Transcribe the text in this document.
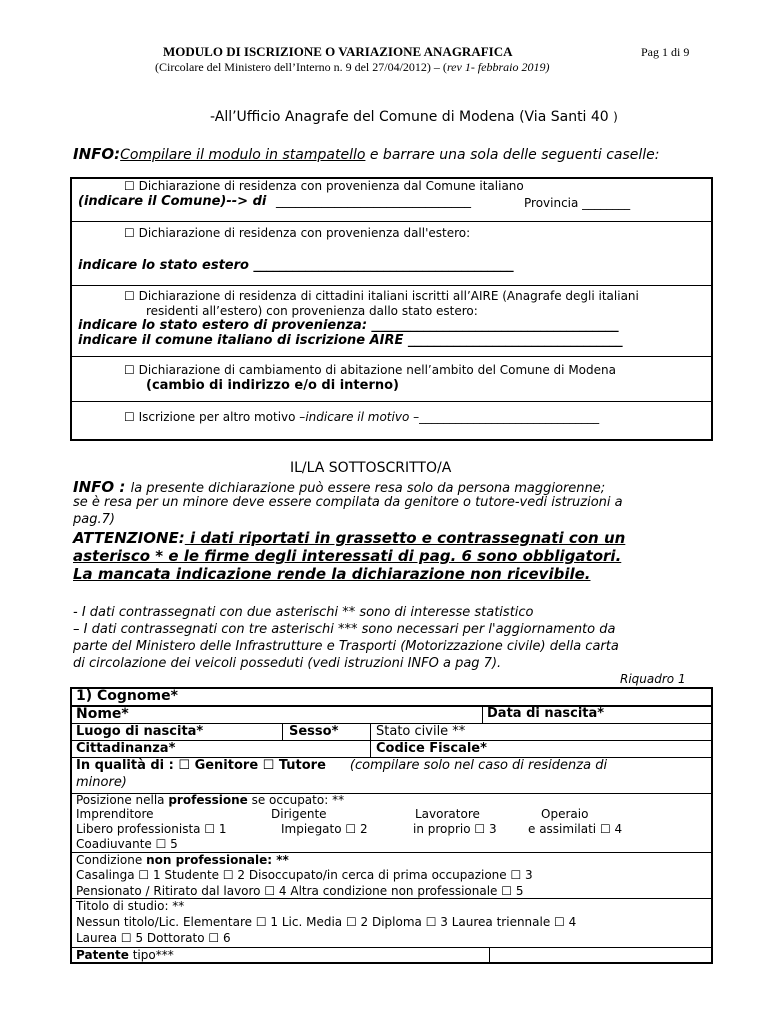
MODULO DI ISCRIZIONE O VARIAZIONE ANAGRAFICA	Pag 1 di 9
(Circolare del Ministero dell’Interno n. 9 del 27/04/2012) – (rev 1- febbraio 2019)
-All’Ufficio Anagrafe del Comune di Modena (Via Santi 40 )
INFO:Compilare il modulo in stampatello e barrare una sola delle seguenti caselle:
☐ Dichiarazione di residenza con provenienza dal Comune italiano
(indicare il Comune)--> di ______________________________	Provincia ________
☐ Dichiarazione di residenza con provenienza dall'estero:
indicare lo stato estero ________________________________________
☐ Dichiarazione di residenza di cittadini italiani iscritti all’AIRE (Anagrafe degli italiani
residenti all’estero) con provenienza dallo stato estero:
indicare lo stato estero di provenienza: ______________________________________
indicare il comune italiano di iscrizione AIRE _________________________________
☐ Dichiarazione di cambiamento di abitazione nell’ambito del Comune di Modena
(cambio di indirizzo e/o di interno)
☐ Iscrizione per altro motivo –indicare il motivo –______________________________
IL/LA SOTTOSCRITTO/A
INFO : la presente dichiarazione può essere resa solo da persona maggiorenne;
se è resa per un minore deve essere compilata da genitore o tutore-vedi istruzioni a
pag.7)
ATTENZIONE: i dati riportati in grassetto e contrassegnati con un
asterisco * e le firme degli interessati di pag. 6 sono obbligatori.
La mancata indicazione rende la dichiarazione non ricevibile.
- I dati contrassegnati con due asterischi ** sono di interesse statistico
– I dati contrassegnati con tre asterischi *** sono necessari per l'aggiornamento da
parte del Ministero delle Infrastrutture e Trasporti (Motorizzazione civile) della carta
di circolazione dei veicoli posseduti (vedi istruzioni INFO a pag 7).
Riquadro 1
1) Cognome*
Nome*	Data di nascita*
Luogo di nascita*	Sesso*	Stato civile **
Cittadinanza*	Codice Fiscale*
In qualità di : ☐ Genitore ☐ Tutore (compilare solo nel caso di residenza di
minore)
Posizione nella professione se occupato: **
Imprenditore	Dirigente	Lavoratore	Operaio
Libero professionista ☐ 1	Impiegato ☐ 2	in proprio ☐ 3	e assimilati ☐ 4
Coadiuvante ☐ 5
Condizione non professionale: **
Casalinga ☐ 1 Studente ☐ 2 Disoccupato/in cerca di prima occupazione ☐ 3
Pensionato / Ritirato dal lavoro ☐ 4 Altra condizione non professionale ☐ 5
Titolo di studio: **
Nessun titolo/Lic. Elementare ☐ 1 Lic. Media ☐ 2 Diploma ☐ 3 Laurea triennale ☐ 4
Laurea ☐ 5 Dottorato ☐ 6
Patente tipo***
